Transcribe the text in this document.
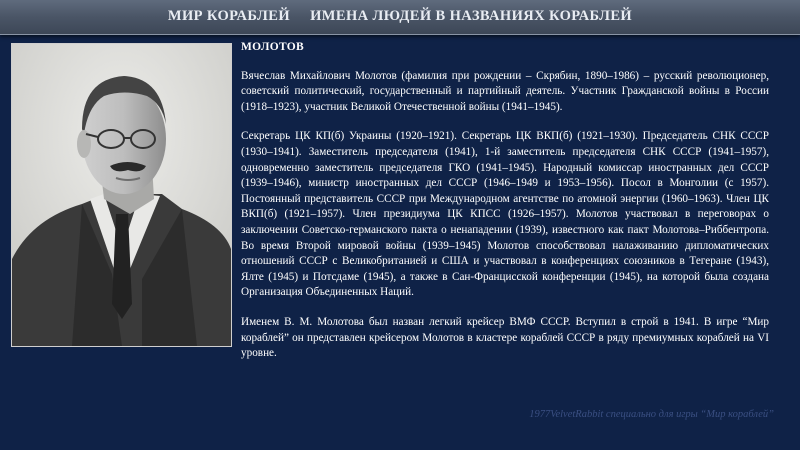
МИР КОРАБЛЕЙ     ИМЕНА ЛЮДЕЙ В НАЗВАНИЯХ КОРАБЛЕЙ
МОЛОТОВ

Вячеслав Михайлович Молотов (фамилия при рождении – Скрябин, 1890–1986) – русский революционер, советский политический, государственный и партийный деятель. Участник Гражданской войны в России (1918–1923), участник Великой Отечественной войны (1941–1945).

Секретарь ЦК КП(б) Украины (1920–1921). Секретарь ЦК ВКП(б) (1921–1930). Председатель СНК СССР (1930–1941). Заместитель председателя (1941), 1-й заместитель председателя СНК СССР (1941–1957), одновременно заместитель председателя ГКО (1941–1945). Народный комиссар иностранных дел СССР (1939–1946), министр иностранных дел СССР (1946–1949 и 1953–1956). Посол в Монголии (с 1957). Постоянный представитель СССР при Международном агентстве по атомной энергии (1960–1963). Член ЦК ВКП(б) (1921–1957). Член президиума ЦК КПСС (1926–1957). Молотов участвовал в переговорах о заключении Советско-германского пакта о ненападении (1939), известного как пакт Молотова–Риббентропа. Во время Второй мировой войны (1939–1945) Молотов способствовал налаживанию дипломатических отношений СССР с Великобританией и США и участвовал в конференциях союзников в Тегеране (1943), Ялте (1945) и Потсдаме (1945), а также в Сан-Францисской конференции (1945), на которой была создана Организация Объединенных Наций.

Именем В. М. Молотова был назван легкий крейсер ВМФ СССР. Вступил в строй в 1941. В игре “Мир кораблей” он представлен крейсером Молотов в кластере кораблей СССР в ряду премиумных кораблей на VI уровне.

1977VelvetRabbit специально для игры “Мир кораблей”
